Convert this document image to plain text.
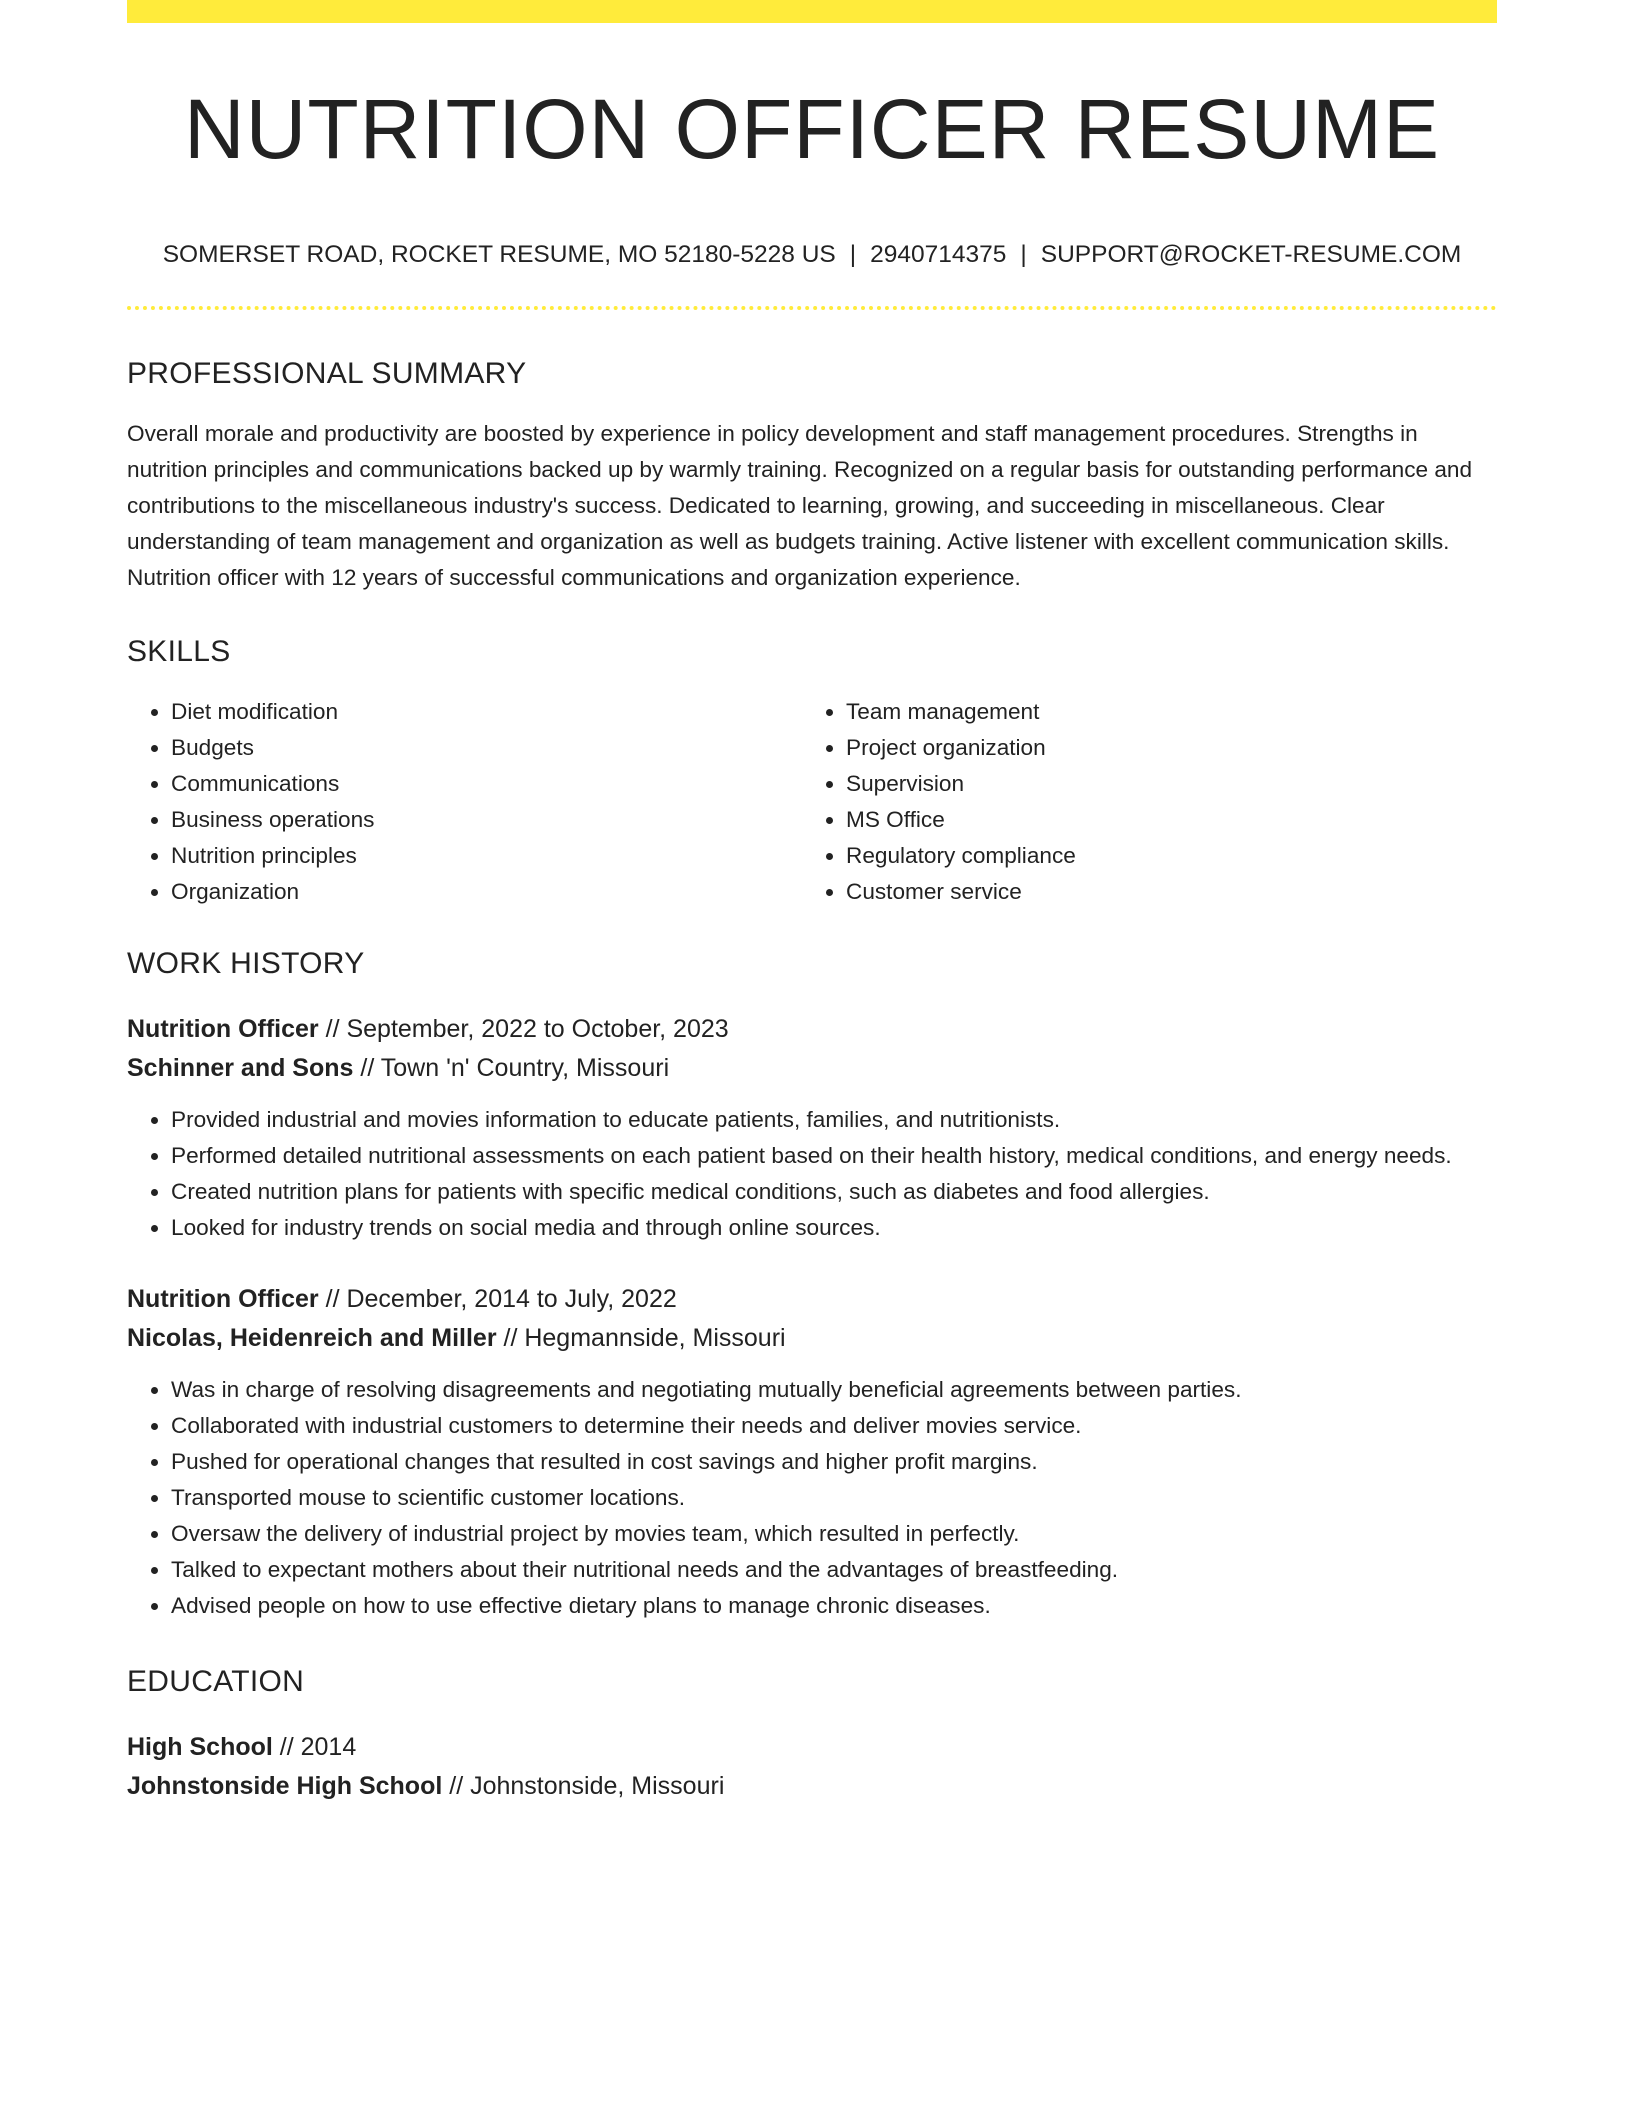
NUTRITION OFFICER RESUME
SOMERSET ROAD, ROCKET RESUME, MO 52180-5228 US | 2940714375 | SUPPORT@ROCKET-RESUME.COM
PROFESSIONAL SUMMARY
Overall morale and productivity are boosted by experience in policy development and staff management procedures. Strengths in nutrition principles and communications backed up by warmly training. Recognized on a regular basis for outstanding performance and contributions to the miscellaneous industry's success. Dedicated to learning, growing, and succeeding in miscellaneous. Clear understanding of team management and organization as well as budgets training. Active listener with excellent communication skills. Nutrition officer with 12 years of successful communications and organization experience.
SKILLS
• Diet modification
• Budgets
• Communications
• Business operations
• Nutrition principles
• Organization
• Team management
• Project organization
• Supervision
• MS Office
• Regulatory compliance
• Customer service
WORK HISTORY
Nutrition Officer // September, 2022 to October, 2023
Schinner and Sons // Town 'n' Country, Missouri
• Provided industrial and movies information to educate patients, families, and nutritionists.
• Performed detailed nutritional assessments on each patient based on their health history, medical conditions, and energy needs.
• Created nutrition plans for patients with specific medical conditions, such as diabetes and food allergies.
• Looked for industry trends on social media and through online sources.
Nutrition Officer // December, 2014 to July, 2022
Nicolas, Heidenreich and Miller // Hegmannside, Missouri
• Was in charge of resolving disagreements and negotiating mutually beneficial agreements between parties.
• Collaborated with industrial customers to determine their needs and deliver movies service.
• Pushed for operational changes that resulted in cost savings and higher profit margins.
• Transported mouse to scientific customer locations.
• Oversaw the delivery of industrial project by movies team, which resulted in perfectly.
• Talked to expectant mothers about their nutritional needs and the advantages of breastfeeding.
• Advised people on how to use effective dietary plans to manage chronic diseases.
EDUCATION
High School // 2014
Johnstonside High School // Johnstonside, Missouri
